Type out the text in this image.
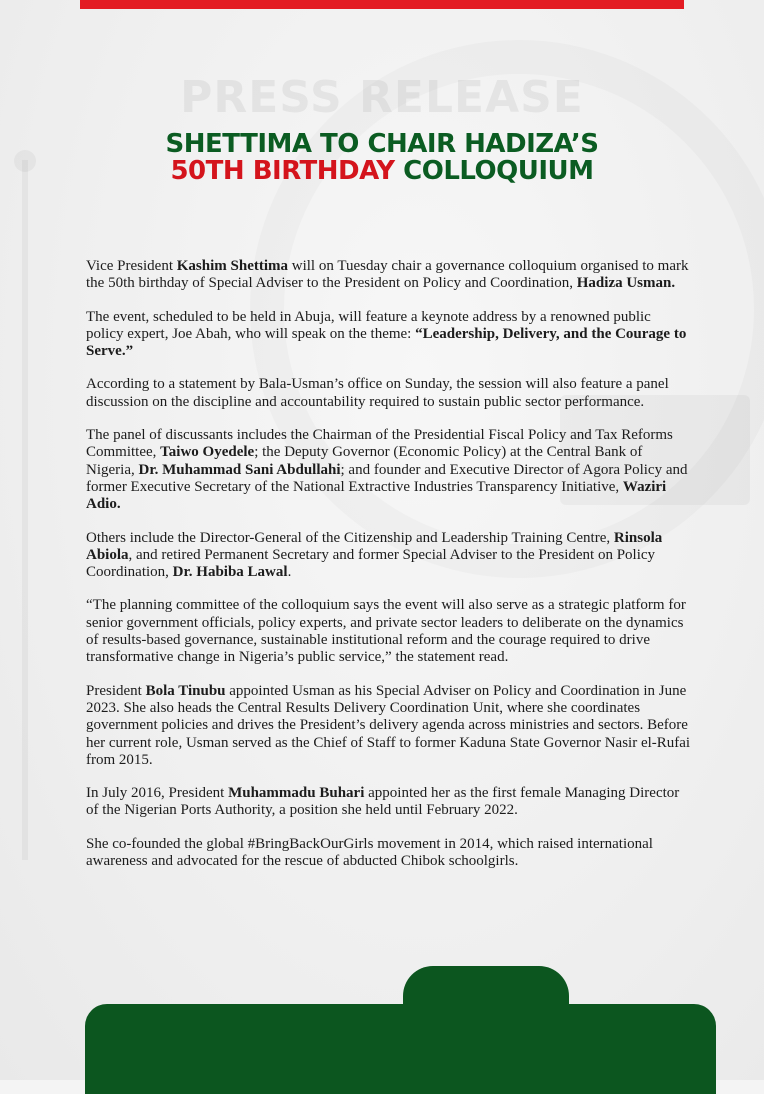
PRESS RELEASE
SHETTIMA TO CHAIR HADIZA’S
50TH BIRTHDAY COLLOQUIUM

Vice President Kashim Shettima will on Tuesday chair a governance colloquium organised to mark the 50th birthday of Special Adviser to the President on Policy and Coordination, Hadiza Usman.

The event, scheduled to be held in Abuja, will feature a keynote address by a renowned public policy expert, Joe Abah, who will speak on the theme: “Leadership, Delivery, and the Courage to Serve.”

According to a statement by Bala-Usman’s office on Sunday, the session will also feature a panel discussion on the discipline and accountability required to sustain public sector performance.

The panel of discussants includes the Chairman of the Presidential Fiscal Policy and Tax Reforms Committee, Taiwo Oyedele; the Deputy Governor (Economic Policy) at the Central Bank of Nigeria, Dr. Muhammad Sani Abdullahi; and founder and Executive Director of Agora Policy and former Executive Secretary of the National Extractive Industries Transparency Initiative, Waziri Adio.

Others include the Director-General of the Citizenship and Leadership Training Centre, Rinsola Abiola, and retired Permanent Secretary and former Special Adviser to the President on Policy Coordination, Dr. Habiba Lawal.

“The planning committee of the colloquium says the event will also serve as a strategic platform for senior government officials, policy experts, and private sector leaders to deliberate on the dynamics of results-based governance, sustainable institutional reform and the courage required to drive transformative change in Nigeria’s public service,” the statement read.

President Bola Tinubu appointed Usman as his Special Adviser on Policy and Coordination in June 2023. She also heads the Central Results Delivery Coordination Unit, where she coordinates government policies and drives the President’s delivery agenda across ministries and sectors. Before her current role, Usman served as the Chief of Staff to former Kaduna State Governor Nasir el-Rufai from 2015.

In July 2016, President Muhammadu Buhari appointed her as the first female Managing Director of the Nigerian Ports Authority, a position she held until February 2022.

She co-founded the global #BringBackOurGirls movement in 2014, which raised international awareness and advocated for the rescue of abducted Chibok schoolgirls.
